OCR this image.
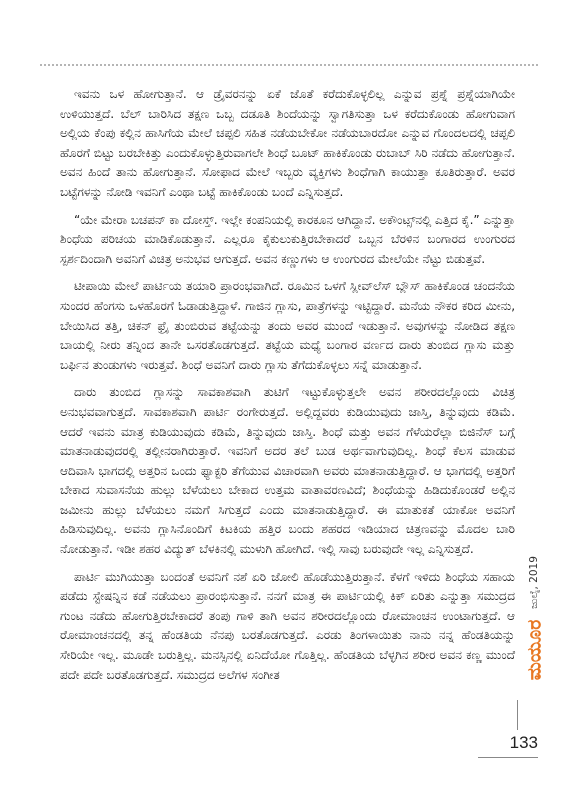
ಇವನು ಒಳ ಹೋಗುತ್ತಾನೆ. ಆ ಡ್ರೈವರನನ್ನು ಏಕೆ ಜೊತೆ ಕರೆದುಕೊಳ್ಳಲಿಲ್ಲ ಎನ್ನುವ ಪ್ರಶ್ನೆ ಪ್ರಶ್ನೆಯಾಗಿಯೇ ಉಳಿಯುತ್ತದೆ. ಬೆಲ್ ಬಾರಿಸಿದ ತಕ್ಷಣ ಒಬ್ಬ ದಡೂತಿ ಶಿಂದೆಯನ್ನು ಸ್ವಾಗತಿಸುತ್ತಾ ಒಳ ಕರೆದುಕೊಂಡು ಹೋಗುವಾಗ ಅಲ್ಲಿಯ ಕೆಂಪು ಕಲ್ಲಿನ ಹಾಸಿಗೆಯ ಮೇಲೆ ಚಪ್ಪಲಿ ಸಹಿತ ನಡೆಯಬೇಕೋ ನಡೆಯಬಾರದೋ ಎನ್ನುವ ಗೊಂದಲದಲ್ಲಿ ಚಪ್ಪಲಿ ಹೊರಗೆ ಬಿಟ್ಟು ಬರಬೇಕಿತ್ತು ಎಂದುಕೊಳ್ಳುತ್ತಿರುವಾಗಲೇ ಶಿಂಧೆ ಬೂಟ್ ಹಾಕಿಕೊಂಡು ರುಬಾಬ್ ಸಿರಿ ನಡೆದು ಹೋಗುತ್ತಾನೆ. ಅವನ ಹಿಂದೆ ತಾನು ಹೋಗುತ್ತಾನೆ. ಸೋಫಾದ ಮೇಲೆ ಇಬ್ಬರು ವ್ಯಕ್ತಿಗಳು ಶಿಂಧೆಗಾಗಿ ಕಾಯುತ್ತಾ ಕೂತಿರುತ್ತಾರೆ. ಅವರ ಬಟ್ಟೆಗಳನ್ನು ನೋಡಿ ಇವನಿಗೆ ಎಂಥಾ ಬಟ್ಟೆ ಹಾಕಿಕೊಂಡು ಬಂದೆ ಎನ್ನಿಸುತ್ತದೆ.

“ಯೇ ಮೇರಾ ಬಚಪನ್ ಕಾ ದೋಸ್ತ್. ಇಲ್ಲೇ ಕಂಪನಿಯಲ್ಲಿ ಕಾರಕೂನ ಆಗಿದ್ದಾನೆ. ಅಕೌಂಟ್ಸ್‌ನಲ್ಲಿ ಎತ್ತಿದ ಕೈ.” ಎನ್ನುತ್ತಾ ಶಿಂಧೆಯ ಪರಿಚಯ ಮಾಡಿಕೊಡುತ್ತಾನೆ. ಎಲ್ಲರೂ ಕೈಕುಲುಕುತ್ತಿರಬೇಕಾದರೆ ಒಬ್ಬನ ಬೆರಳಿನ ಬಂಗಾರದ ಉಂಗುರದ ಸ್ಪರ್ಶದಿಂದಾಗಿ ಅವನಿಗೆ ವಿಚಿತ್ರ ಅನುಭವ ಆಗುತ್ತದೆ. ಅವನ ಕಣ್ಣುಗಳು ಆ ಉಂಗುರದ ಮೇಲೆಯೇ ನೆಟ್ಟು ಬಿಡುತ್ತವೆ.

ಟೀಪಾಯಿ ಮೇಲೆ ಪಾರ್ಟಿಯ ತಯಾರಿ ಪ್ರಾರಂಭವಾಗಿದೆ. ರೂಮಿನ ಒಳಗೆ ಸ್ಲೀವ್‌ಲೆಸ್ ಬ್ಲೌಸ್ ಹಾಕಿಕೊಂಡ ಚಂದನೆಯ ಸುಂದರ ಹೆಂಗಸು ಒಳಹೊರಗೆ ಓಡಾಡುತ್ತಿದ್ದಾಳೆ. ಗಾಜಿನ ಗ್ಲಾಸು, ಪಾತ್ರೆಗಳನ್ನು ಇಟ್ಟಿದ್ದಾರೆ. ಮನೆಯ ನೌಕರ ಕರಿದ ಮೀನು, ಬೇಯಿಸಿದ ತತ್ತಿ, ಚಿಕನ್ ಫ್ರೈ ತುಂಬಿರುವ ತಟ್ಟೆಯನ್ನು ತಂದು ಅವರ ಮುಂದೆ ಇಡುತ್ತಾನೆ. ಅವುಗಳನ್ನು ನೋಡಿದ ತಕ್ಷಣ ಬಾಯಲ್ಲಿ ನೀರು ತನ್ನಿಂದ ತಾನೇ ಒಸರತೊಡಗುತ್ತದೆ. ತಟ್ಟೆಯ ಮಧ್ಯೆ ಬಂಗಾರ ವರ್ಣದ ದಾರು ತುಂಬಿದ ಗ್ಲಾಸು ಮತ್ತು ಬರ್ಫಿನ ತುಂಡುಗಳು ಇರುತ್ತವೆ. ಶಿಂಧೆ ಅವನಿಗೆ ದಾರು ಗ್ಲಾಸು ತೆಗೆದುಕೊಳ್ಳಲು ಸನ್ನೆ ಮಾಡುತ್ತಾನೆ.

ದಾರು ತುಂಬಿದ ಗ್ಲಾಸನ್ನು ಸಾವಕಾಶವಾಗಿ ತುಟಿಗೆ ಇಟ್ಟುಕೊಳ್ಳುತ್ತಲೇ ಅವನ ಶರೀರದಲ್ಲೊಂದು ವಿಚಿತ್ರ ಅನುಭವವಾಗುತ್ತದೆ. ಸಾವಕಾಶವಾಗಿ ಪಾರ್ಟಿ ರಂಗೇರುತ್ತದೆ. ಅಲ್ಲಿದ್ದವರು ಕುಡಿಯುವುದು ಜಾಸ್ತಿ, ತಿನ್ನುವುದು ಕಡಿಮೆ. ಆದರೆ ಇವನು ಮಾತ್ರ ಕುಡಿಯುವುದು ಕಡಿಮೆ, ತಿನ್ನುವುದು ಜಾಸ್ತಿ. ಶಿಂಧೆ ಮತ್ತು ಅವನ ಗೆಳೆಯರೆಲ್ಲಾ ಬಿಜಿನೆಸ್ ಬಗ್ಗೆ ಮಾತನಾಡುವುದರಲ್ಲಿ ತಲ್ಲೀನರಾಗಿರುತ್ತಾರೆ. ಇವನಿಗೆ ಅದರ ತಲೆ ಬುಡ ಅರ್ಥವಾಗುವುದಿಲ್ಲ. ಶಿಂಧೆ ಕೆಲಸ ಮಾಡುವ ಆದಿವಾಸಿ ಭಾಗದಲ್ಲಿ ಅತ್ತರಿನ ಒಂದು ಫ್ಯಾಕ್ಟರಿ ತೆಗೆಯುವ ವಿಚಾರವಾಗಿ ಅವರು ಮಾತನಾಡುತ್ತಿದ್ದಾರೆ. ಆ ಭಾಗದಲ್ಲಿ ಅತ್ತರಿಗೆ ಬೇಕಾದ ಸುವಾಸನೆಯ ಹುಲ್ಲು ಬೆಳೆಯಲು ಬೇಕಾದ ಉತ್ತಮ ವಾತಾವರಣವಿದೆ; ಶಿಂಧೆಯನ್ನು ಹಿಡಿದುಕೊಂಡರೆ ಅಲ್ಲಿನ ಜಮೀನು ಹುಲ್ಲು ಬೆಳೆಯಲು ನಮಗೆ ಸಿಗುತ್ತದೆ ಎಂದು ಮಾತನಾಡುತ್ತಿದ್ದಾರೆ. ಈ ಮಾತುಕತೆ ಯಾಕೋ ಅವನಿಗೆ ಹಿಡಿಸುವುದಿಲ್ಲ. ಅವನು ಗ್ಲಾಸಿನೊಂದಿಗೆ ಕಿಟಕಿಯ ಹತ್ತಿರ ಬಂದು ಶಹರದ ಇಡಿಯಾದ ಚಿತ್ರಣವನ್ನು ಮೊದಲ ಬಾರಿ ನೋಡುತ್ತಾನೆ. ಇಡೀ ಶಹರ ವಿದ್ಯುತ್ ಬೆಳಕಿನಲ್ಲಿ ಮುಳುಗಿ ಹೋಗಿದೆ. ಇಲ್ಲಿ ಸಾವು ಬರುವುದೇ ಇಲ್ಲ ಎನ್ನಿಸುತ್ತದೆ.

ಪಾರ್ಟಿ ಮುಗಿಯುತ್ತಾ ಬಂದಂತೆ ಅವನಿಗೆ ನಶೆ ಏರಿ ಜೋಲಿ ಹೊಡೆಯುತ್ತಿರುತ್ತಾನೆ. ಕೆಳಗೆ ಇಳಿದು ಶಿಂಧೆಯ ಸಹಾಯ ಪಡೆದು ಸ್ಟೇಷನ್ನಿನ ಕಡೆ ನಡೆಯಲು ಪ್ರಾರಂಭಿಸುತ್ತಾನೆ. ನನಗೆ ಮಾತ್ರ ಈ ಪಾರ್ಟಿಯಲ್ಲಿ ಕಿಕ್ ಏರಿತು ಎನ್ನುತ್ತಾ ಸಮುದ್ರದ ಗುಂಟ ನಡೆದು ಹೋಗುತ್ತಿರಬೇಕಾದರೆ ತಂಪು ಗಾಳಿ ತಾಗಿ ಅವನ ಶರೀರದಲ್ಲೊಂದು ರೋಮಾಂಚನ ಉಂಟಾಗುತ್ತದೆ. ಆ ರೋಮಾಂಚನದಲ್ಲಿ ತನ್ನ ಹೆಂಡತಿಯ ನೆನಪು ಬರತೊಡಗುತ್ತದೆ. ಎರಡು ತಿಂಗಳಾಯಿತು ನಾನು ನನ್ನ ಹೆಂಡತಿಯನ್ನು ಸೇರಿಯೇ ಇಲ್ಲ. ಮೂಡೇ ಬರುತ್ತಿಲ್ಲ. ಮನಸ್ಸಿನಲ್ಲಿ ಏನಿದೆಯೋ ಗೊತ್ತಿಲ್ಲ. ಹೆಂಡತಿಯ ಬೆಳ್ಳಗಿನ ಶರೀರ ಅವನ ಕಣ್ಣ ಮುಂದೆ ಪದೇ ಪದೇ ಬರತೊಡಗುತ್ತದೆ. ಸಮುದ್ರದ ಅಲೆಗಳ ಸಂಗೀತ

ಜುಲೈ, 2019
ಮಯೂರ
133
